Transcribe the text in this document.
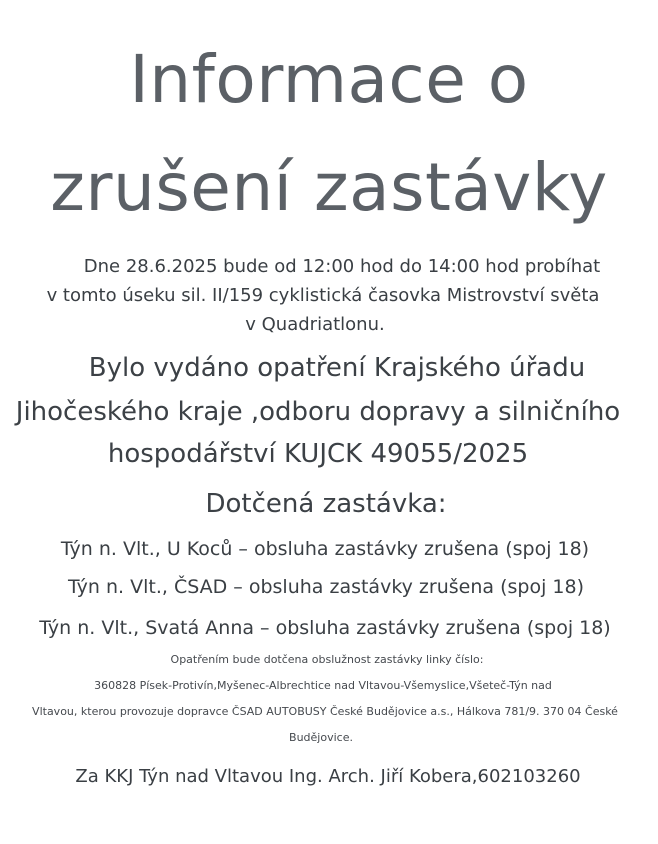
Informace o
zrušení zastávky
Dne 28.6.2025 bude od 12:00 hod do 14:00 hod probíhat
v tomto úseku sil. II/159 cyklistická časovka Mistrovství světa
v Quadriatlonu.
Bylo vydáno opatření Krajského úřadu
Jihočeského kraje ,odboru dopravy a silničního
hospodářství KUJCK 49055/2025
Dotčená zastávka:
Týn n. Vlt., U Koců – obsluha zastávky zrušena (spoj 18)
Týn n. Vlt., ČSAD – obsluha zastávky zrušena (spoj 18)
Týn n. Vlt., Svatá Anna – obsluha zastávky zrušena (spoj 18)
Opatřením bude dotčena obslužnost zastávky linky číslo:
360828 Písek-Protivín,Myšenec-Albrechtice nad Vltavou-Všemyslice,Všeteč-Týn nad
Vltavou, kterou provozuje dopravce ČSAD AUTOBUSY České Budějovice a.s., Hálkova 781/9. 370 04 České
Budějovice.
Za KKJ Týn nad Vltavou Ing. Arch. Jiří Kobera,602103260
